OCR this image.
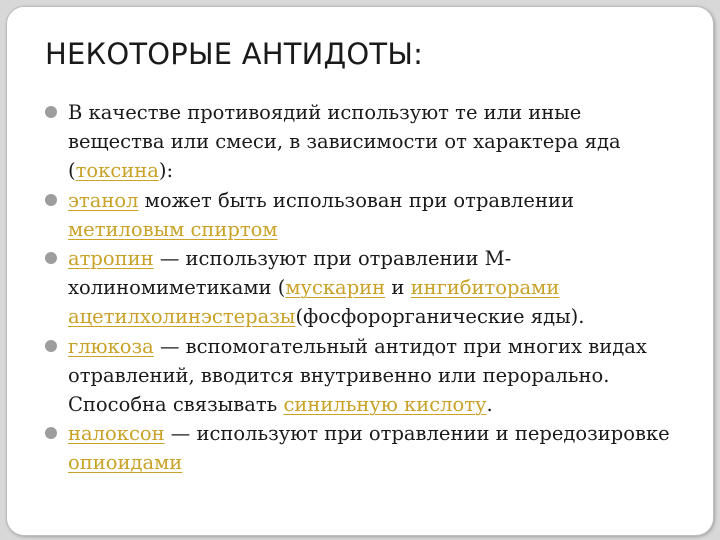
НЕКОТОРЫЕ АНТИДОТЫ:
В качестве противоядий используют те или иные вещества или смеси, в зависимости от характера яда (токсина):
этанол может быть использован при отравлении метиловым спиртом
атропин — используют при отравлении М-холиномиметиками (мускарин и ингибиторами ацетилхолинэстеразы(фосфорорганические яды).
глюкоза — вспомогательный антидот при многих видах отравлений, вводится внутривенно или перорально. Способна связывать синильную кислоту.
налоксон — используют при отравлении и передозировке опиоидами
